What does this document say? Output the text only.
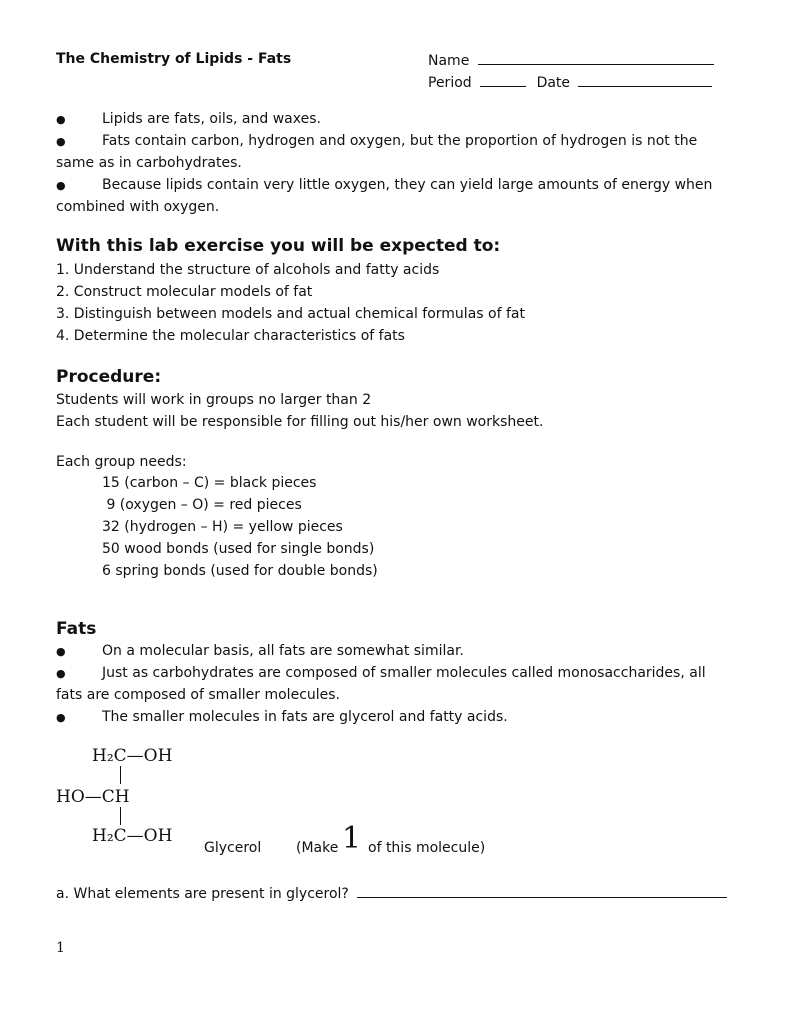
The Chemistry of Lipids - Fats	Name
Period	Date
●	Lipids are fats, oils, and waxes.
●	Fats contain carbon, hydrogen and oxygen, but the proportion of hydrogen is not the
same as in carbohydrates.
●	Because lipids contain very little oxygen, they can yield large amounts of energy when
combined with oxygen.
With this lab exercise you will be expected to:
1. Understand the structure of alcohols and fatty acids
2. Construct molecular models of fat
3. Distinguish between models and actual chemical formulas of fat
4. Determine the molecular characteristics of fats
Procedure:
Students will work in groups no larger than 2
Each student will be responsible for filling out his/her own worksheet.
Each group needs:
15 (carbon – C) = black pieces
9 (oxygen – O) = red pieces
32 (hydrogen – H) = yellow pieces
50 wood bonds (used for single bonds)
6 spring bonds (used for double bonds)
Fats
●	On a molecular basis, all fats are somewhat similar.
●	Just as carbohydrates are composed of smaller molecules called monosaccharides, all
fats are composed of smaller molecules.
●	The smaller molecules in fats are glycerol and fatty acids.
H₂C—OH
HO—CH
H₂C—OH
Glycerol (Make 1 of this molecule)
a. What elements are present in glycerol?
1
